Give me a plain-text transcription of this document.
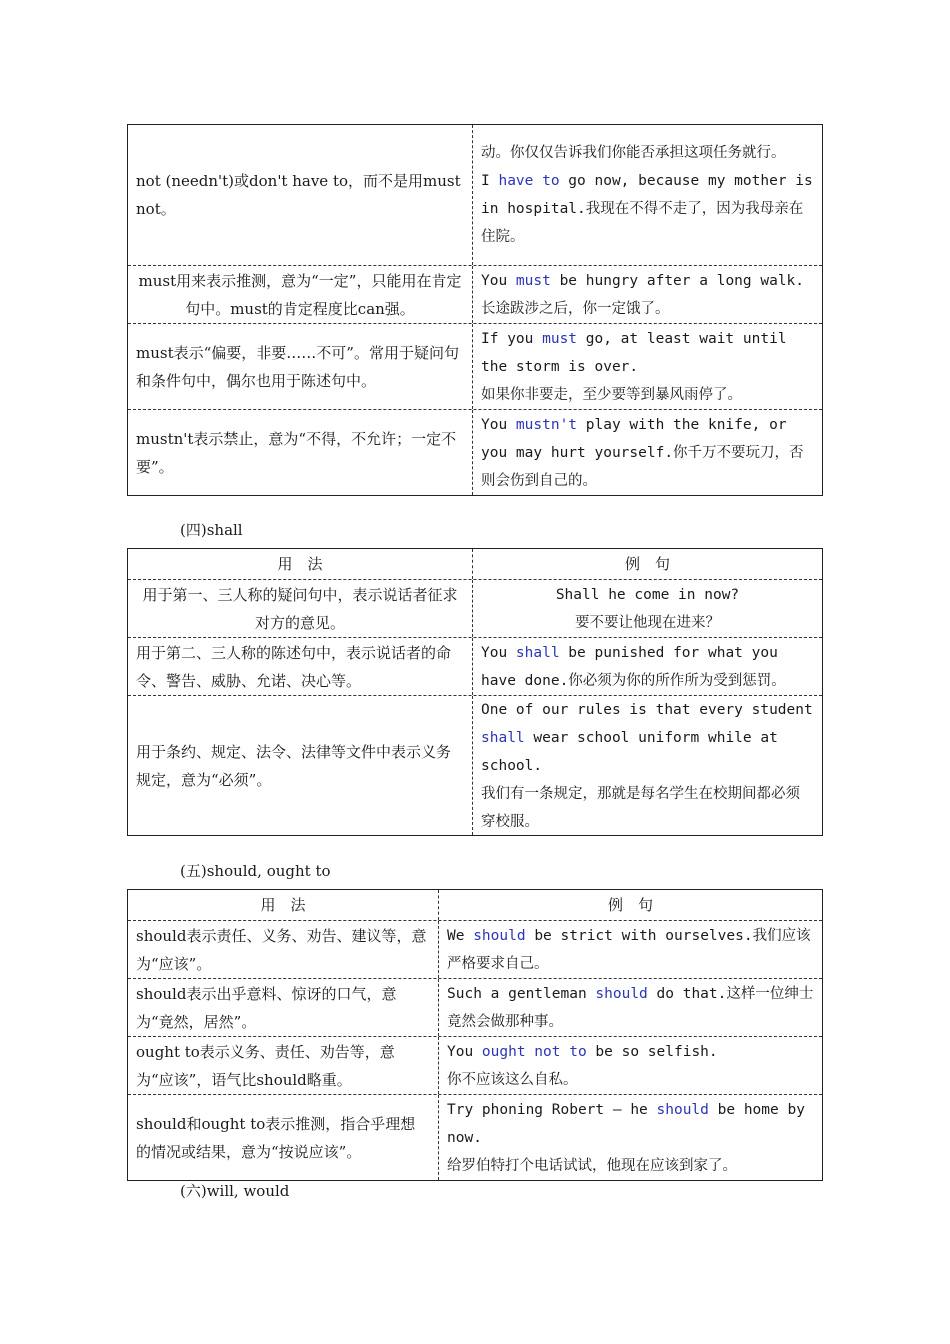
not (needn't)或don't have to，而不是用must not。
动。你仅仅告诉我们你能否承担这项任务就行。
I have to go now, because my mother is in hospital.我现在不得不走了，因为我母亲在住院。
must用来表示推测，意为“一定”，只能用在肯定句中。must的肯定程度比can强。
You must be hungry after a long walk.
长途跋涉之后，你一定饿了。
must表示“偏要，非要……不可”。常用于疑问句和条件句中，偶尔也用于陈述句中。
If you must go, at least wait until the storm is over.
如果你非要走，至少要等到暴风雨停了。
mustn't表示禁止，意为“不得，不允许；一定不要”。
You mustn't play with the knife, or you may hurt yourself.你千万不要玩刀，否则会伤到自己的。
(四)shall
用　法	例　句
用于第一、三人称的疑问句中，表示说话者征求对方的意见。
Shall he come in now?
要不要让他现在进来？
用于第二、三人称的陈述句中，表示说话者的命令、警告、威胁、允诺、决心等。
You shall be punished for what you have done.你必须为你的所作所为受到惩罚。
用于条约、规定、法令、法律等文件中表示义务规定，意为“必须”。
One of our rules is that every student shall wear school uniform while at school.
我们有一条规定，那就是每名学生在校期间都必须穿校服。
(五)should, ought to
用　法	例　句
should表示责任、义务、劝告、建议等，意为“应该”。
We should be strict with ourselves.我们应该严格要求自己。
should表示出乎意料、惊讶的口气，意为“竟然，居然”。
Such a gentleman should do that.这样一位绅士竟然会做那种事。
ought to表示义务、责任、劝告等，意为“应该”，语气比should略重。
You ought not to be so selfish.
你不应该这么自私。
should和ought to表示推测，指合乎理想的情况或结果，意为“按说应该”。
Try phoning Robert — he should be home by now.
给罗伯特打个电话试试，他现在应该到家了。
(六)will, would
